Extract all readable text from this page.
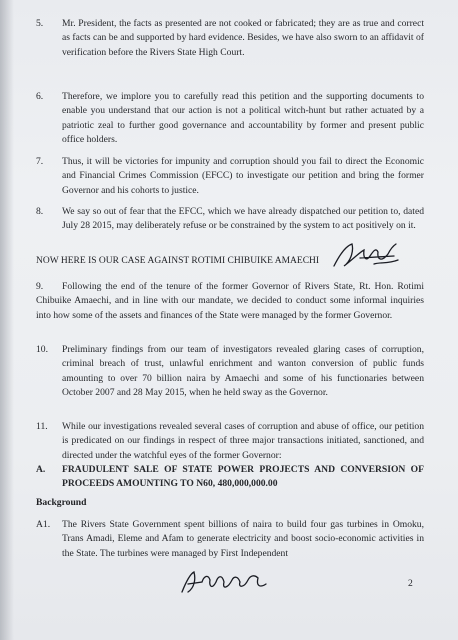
5. Mr. President, the facts as presented are not cooked or fabricated; they are as true and correct as facts can be and supported by hard evidence. Besides, we have also sworn to an affidavit of verification before the Rivers State High Court.
6. Therefore, we implore you to carefully read this petition and the supporting documents to enable you understand that our action is not a political witch-hunt but rather actuated by a patriotic zeal to further good governance and accountability by former and present public office holders.
7. Thus, it will be victories for impunity and corruption should you fail to direct the Economic and Financial Crimes Commission (EFCC) to investigate our petition and bring the former Governor and his cohorts to justice.
8. We say so out of fear that the EFCC, which we have already dispatched our petition to, dated July 28 2015, may deliberately refuse or be constrained by the system to act positively on it.
NOW HERE IS OUR CASE AGAINST ROTIMI CHIBUIKE AMAECHI
9.	Following the end of the tenure of the former Governor of Rivers State, Rt. Hon. Rotimi Chibuike Amaechi, and in line with our mandate, we decided to conduct some informal inquiries into how some of the assets and finances of the State were managed by the former Governor.
10. Preliminary findings from our team of investigators revealed glaring cases of corruption, criminal breach of trust, unlawful enrichment and wanton conversion of public funds amounting to over 70 billion naira by Amaechi and some of his functionaries between October 2007 and 28 May 2015, when he held sway as the Governor.
11. While our investigations revealed several cases of corruption and abuse of office, our petition is predicated on our findings in respect of three major transactions initiated, sanctioned, and directed under the watchful eyes of the former Governor:
A. FRAUDULENT SALE OF STATE POWER PROJECTS AND CONVERSION OF PROCEEDS AMOUNTING TO N60, 480,000,000.00
Background
A1. The Rivers State Government spent billions of naira to build four gas turbines in Omoku, Trans Amadi, Eleme and Afam to generate electricity and boost socio-economic activities in the State. The turbines were managed by First Independent
2
